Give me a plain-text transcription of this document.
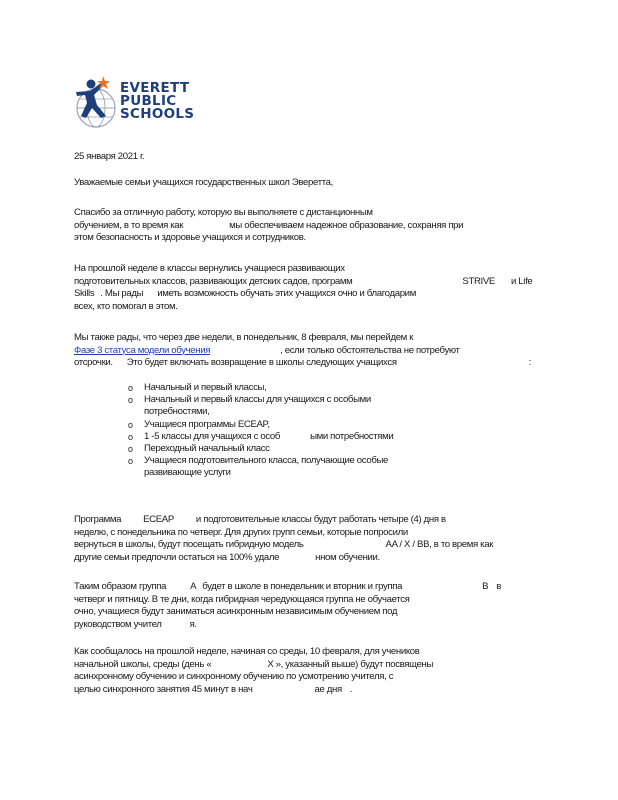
EVERETT
PUBLIC
SCHOOLS
25 января 2021 г.
Уважаемые семьи учащихся государственных школ Эверетта,
Спасибо за отличную работу, которую вы выполняете с дистанционным
обучением, в то время как	мы обеспечиваем надежное образование, сохраняя при
этом безопасность и здоровье учащихся и сотрудников.
На прошлой неделе в классы вернулись учащиеся развивающих
подготовительных классов, развивающих детских садов, программ	STRIVE и Life
Skills . Мы рады иметь возможность обучать этих учащихся очно и благодарим
всех, кто помогал в этом.
Мы также рады, что через две недели, в понедельник, 8 февраля, мы перейдем к
Фазе 3 статуса модели обучения	, если только обстоятельства не потребуют
отсрочки. Это будет включать возвращение в школы следующих учащихся	:
o Начальный и первый классы,
o Начальный и первый классы для учащихся с особыми
потребностями,
o Учащиеся программы ECEAP,
o 1 -5 классы для учащихся с особ	ыми потребностями
o Переходный начальный класс
o Учащиеся подготовительного класса, получающие особые
развивающие услуги
Программа ECEAP и подготовительные классы будут работать четыре (4) дня в
неделю, с понедельника по четверг. Для других групп семьи, которые попросили
вернуться в школы, будут посещать гибридную модель	AA / X / BB, в то время как
другие семьи предпочли остаться на 100% удале	нном обучении.
Таким образом группа	А будет в школе в понедельник и вторник и группа	В в
четверг и пятницу. В те дни, когда гибридная чередующаяся группа не обучается
очно, учащиеся будут заниматься асинхронным независимым обучением под
руководством учител	я.
Как сообщалось на прошлой неделе, начиная со среды, 10 февраля, для учеников
начальной школы, среды (день «	Х », указанный выше) будут посвящены
асинхронному обучению и синхронному обучению по усмотрению учителя, с
целью синхронного занятия 45 минут в нач	ае дня .
